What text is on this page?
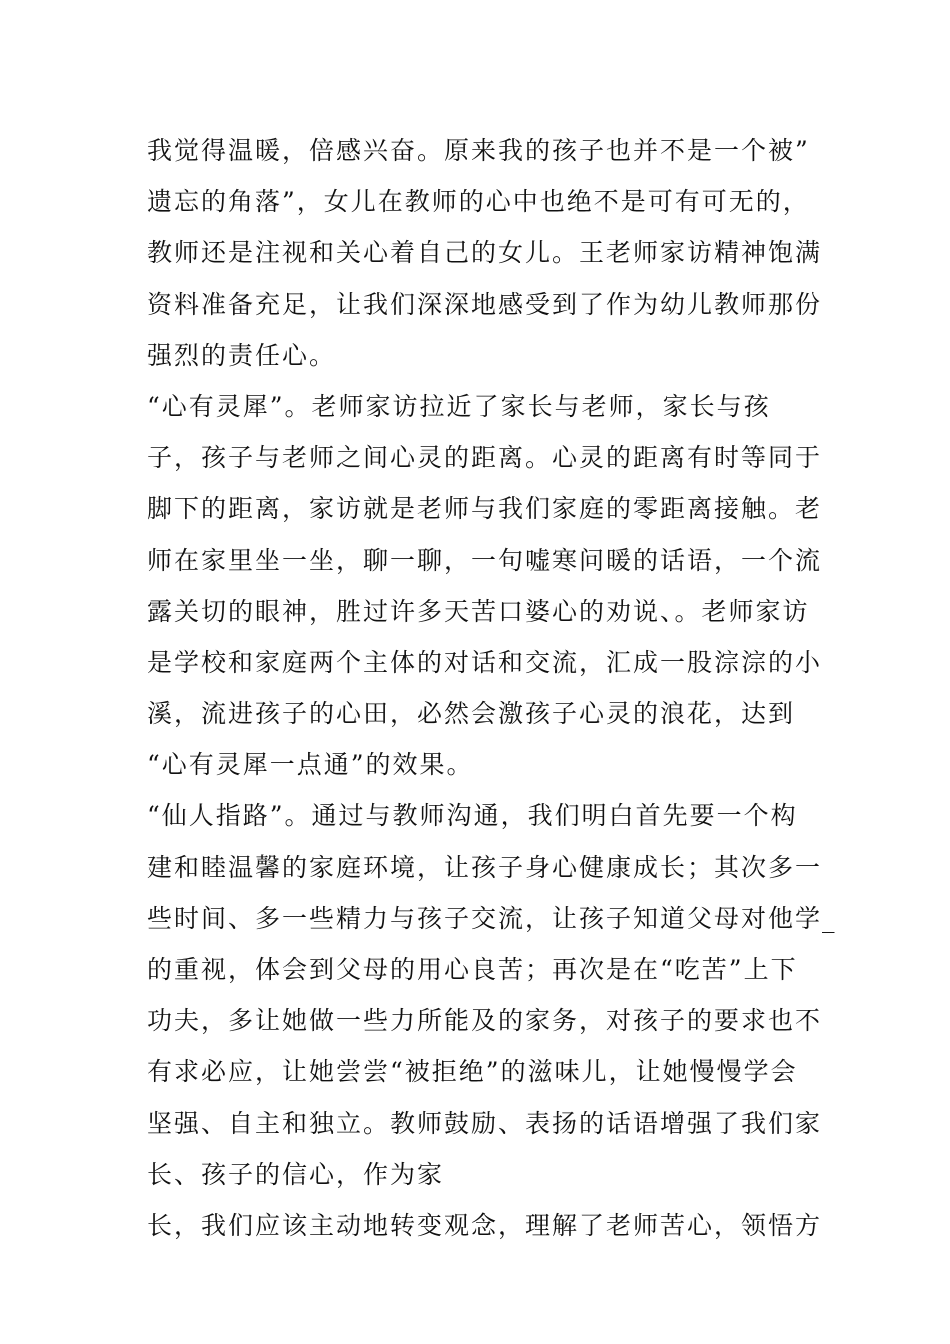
我觉得温暖，倍感兴奋。原来我的孩子也并不是一个被”
遗忘的角落”，女儿在教师的心中也绝不是可有可无的，
教师还是注视和关心着自己的女儿。王老师家访精神饱满
资料准备充足，让我们深深地感受到了作为幼儿教师那份
强烈的责任心。
“心有灵犀”。老师家访拉近了家长与老师，家长与孩
子，孩子与老师之间心灵的距离。心灵的距离有时等同于
脚下的距离，家访就是老师与我们家庭的零距离接触。老
师在家里坐一坐，聊一聊，一句嘘寒问暖的话语，一个流
露关切的眼神，胜过许多天苦口婆心的劝说、。老师家访
是学校和家庭两个主体的对话和交流，汇成一股淙淙的小
溪，流进孩子的心田，必然会激孩子心灵的浪花，达到
“心有灵犀一点通”的效果。
“仙人指路”。通过与教师沟通，我们明白首先要一个构
建和睦温馨的家庭环境，让孩子身心健康成长；其次多一
些时间、多一些精力与孩子交流，让孩子知道父母对他学_
的重视，体会到父母的用心良苦；再次是在“吃苦”上下
功夫，多让她做一些力所能及的家务，对孩子的要求也不
有求必应，让她尝尝“被拒绝”的滋味儿，让她慢慢学会
坚强、自主和独立。教师鼓励、表扬的话语增强了我们家
长、孩子的信心，作为家
长，我们应该主动地转变观念，理解了老师苦心，领悟方
